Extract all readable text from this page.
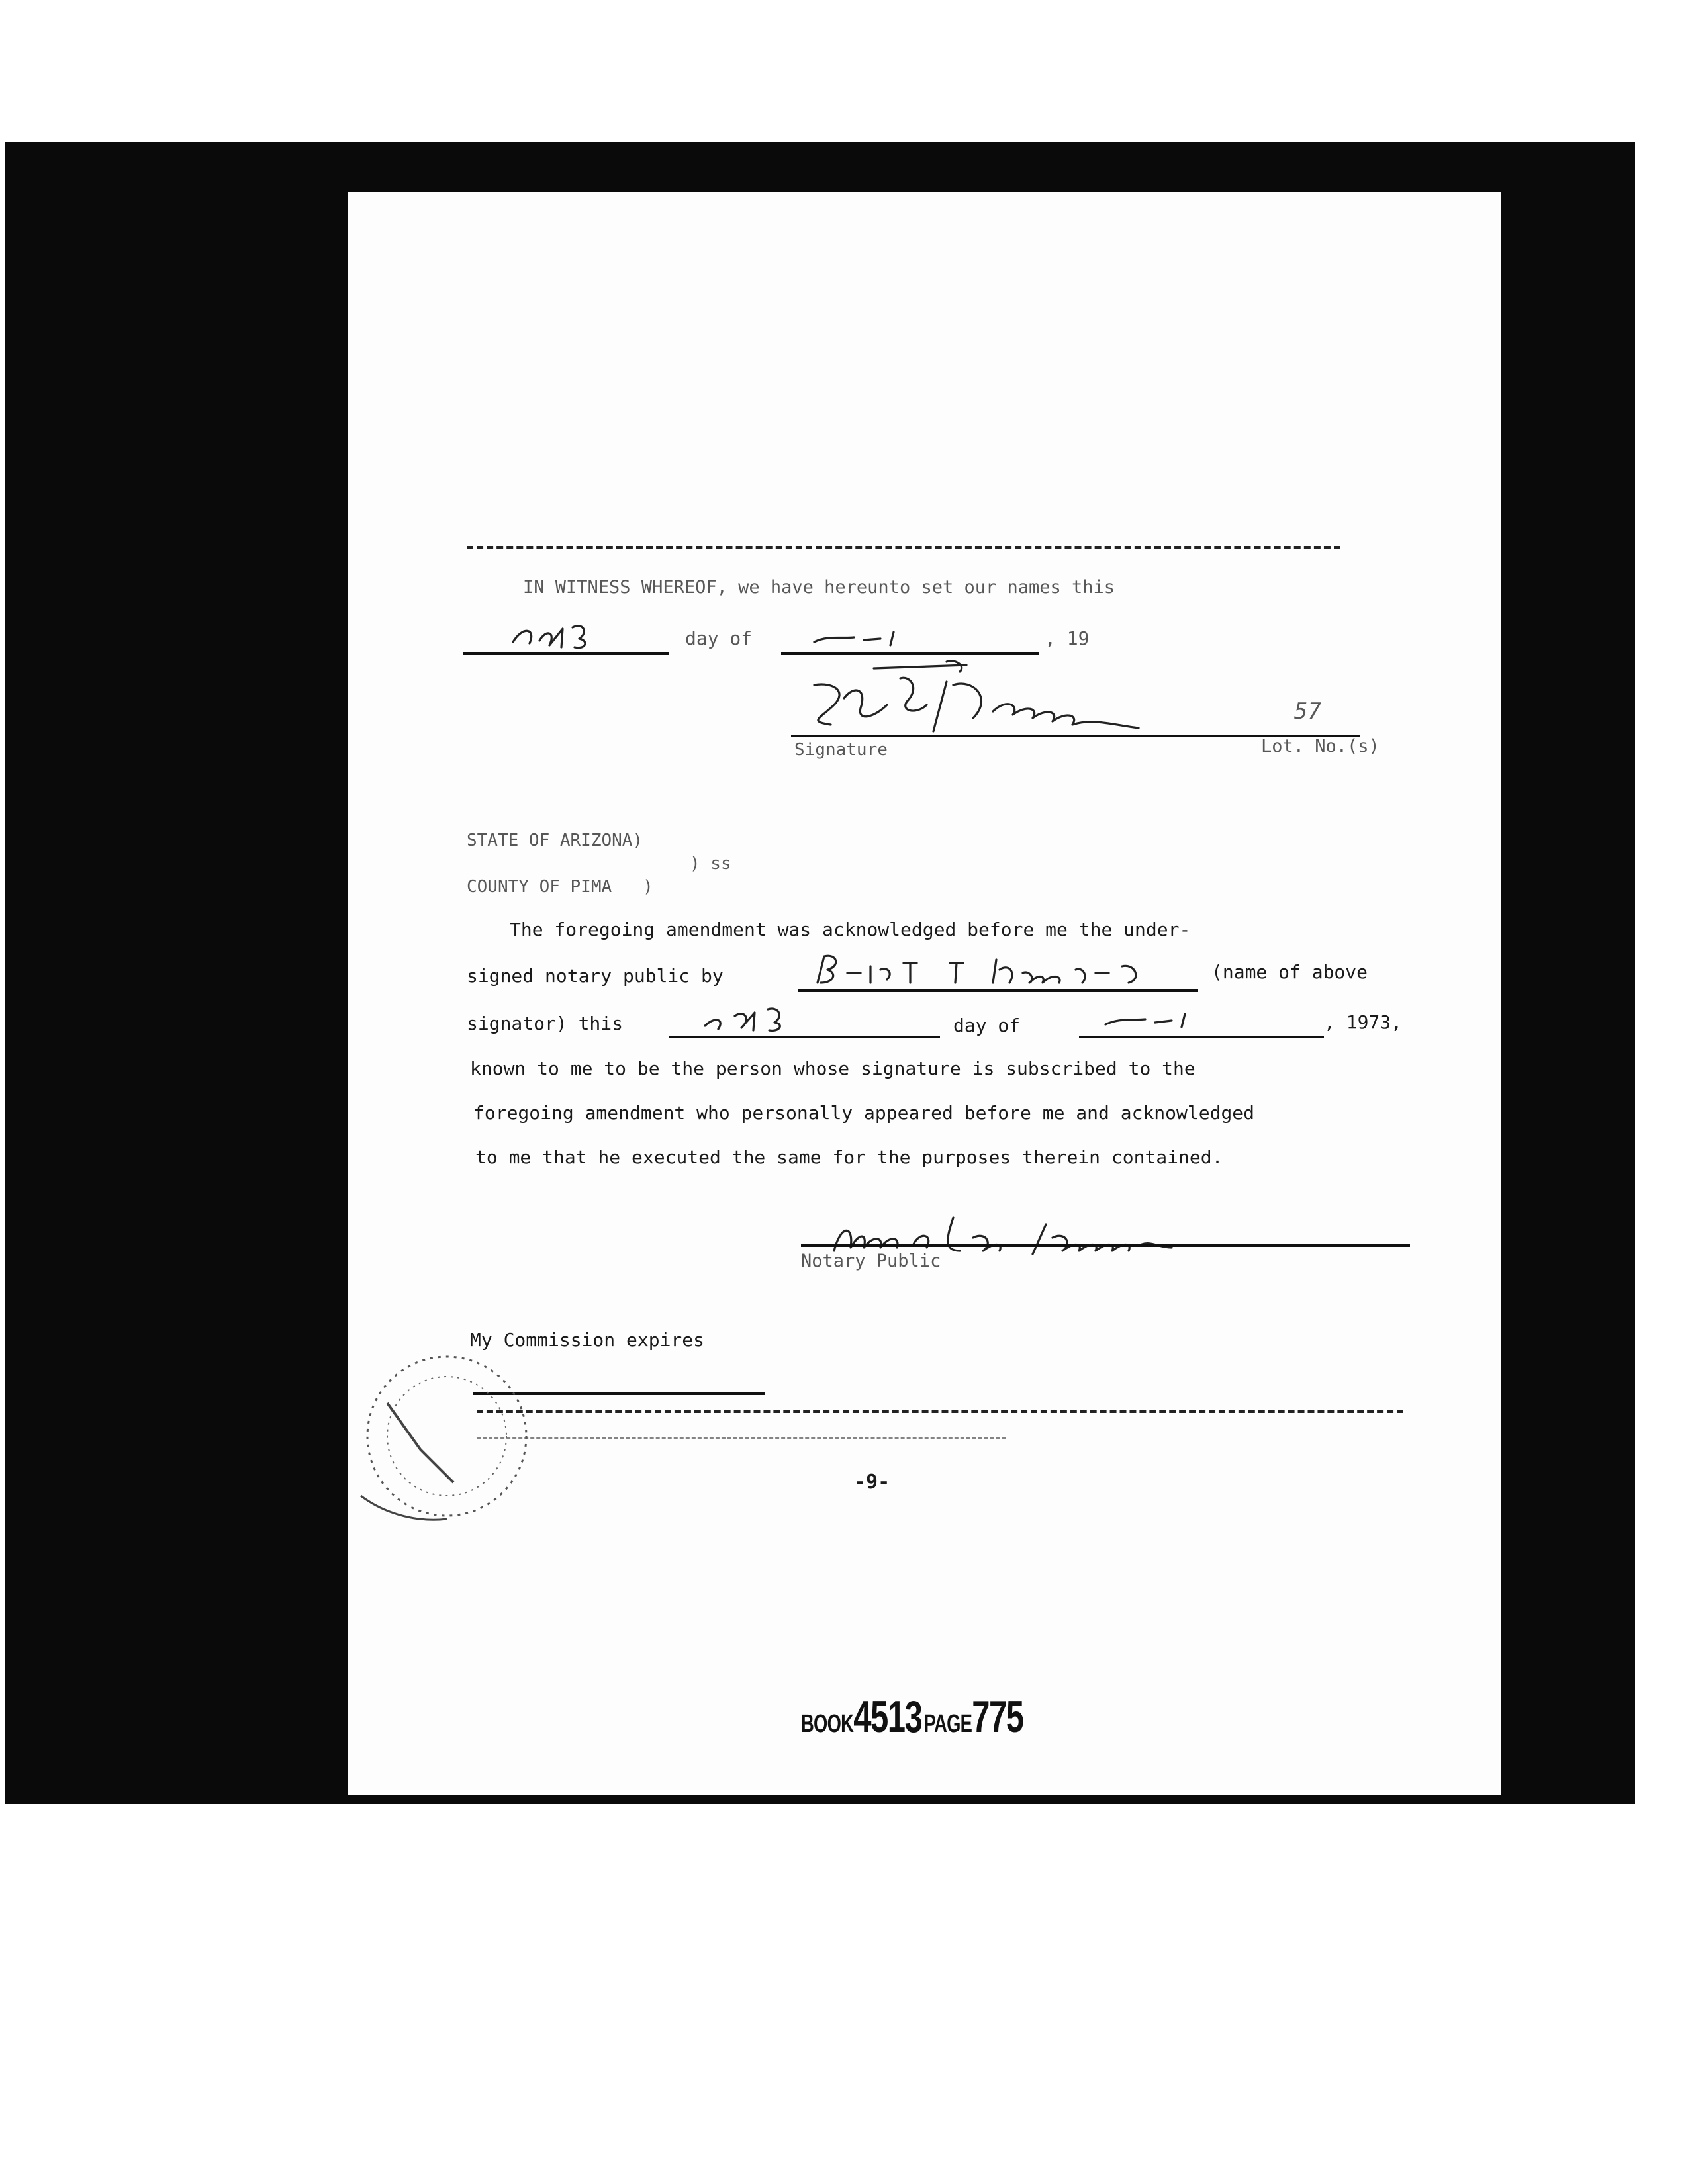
IN WITNESS WHEREOF, we have hereunto set our names this
day of	, 19
57
Signature	Lot. No.(s)
STATE OF ARIZONA)
) ss
COUNTY OF PIMA   )
The foregoing amendment was acknowledged before me the under-
signed notary public by	(name of above
signator) this	day of	, 1973,
known to me to be the person whose signature is subscribed to the
foregoing amendment who personally appeared before me and acknowledged
to me that he executed the same for the purposes therein contained.
Notary Public
My Commission expires
-9-
BOOK4513 PAGE775
